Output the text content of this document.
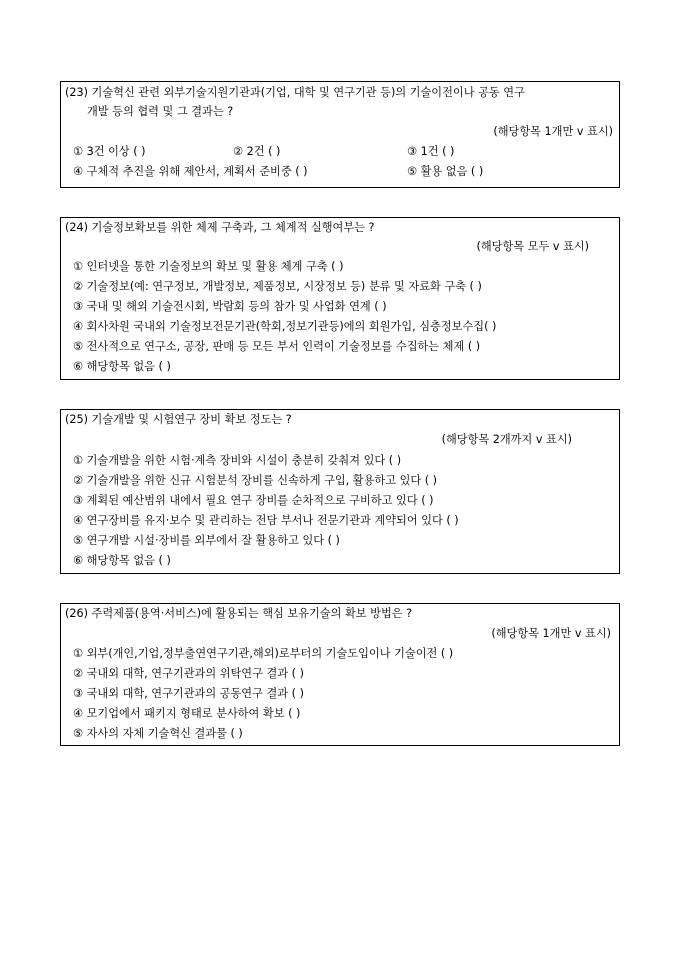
(23) 기술혁신 관련 외부기술지원기관과(기업, 대학 및 연구기관 등)의 기술이전이나 공동 연구
개발 등의 협력 및 그 결과는 ?
(해당항목 1개만 v 표시)
① 3건 이상 ( )	② 2건 ( )	③ 1건 ( )
④ 구체적 추진을 위해 제안서, 계획서 준비중 ( )	⑤ 활용 없음 ( )
(24) 기술정보확보를 위한 체제 구축과, 그 체계적 실행여부는 ?
(해당항목 모두 v 표시)
① 인터넷을 통한 기술정보의 확보 및 활용 체계 구축 ( )
② 기술정보(예: 연구정보, 개발정보, 제품정보, 시장정보 등) 분류 및 자료화 구축 ( )
③ 국내 및 해외 기술전시회, 박람회 등의 참가 및 사업화 연계 ( )
④ 회사차원 국내외 기술정보전문기관(학회,정보기관등)에의 회원가입, 심층정보수집( )
⑤ 전사적으로 연구소, 공장, 판매 등 모든 부서 인력이 기술정보를 수집하는 체제 ( )
⑥ 해당항목 없음 ( )
(25) 기술개발 및 시험연구 장비 확보 정도는 ?
(해당항목 2개까지 v 표시)
① 기술개발을 위한 시험·계측 장비와 시설이 충분히 갖춰져 있다 ( )
② 기술개발을 위한 신규 시험분석 장비를 신속하게 구입, 활용하고 있다 ( )
③ 계획된 예산범위 내에서 필요 연구 장비를 순차적으로 구비하고 있다 ( )
④ 연구장비를 유지·보수 및 관리하는 전담 부서나 전문기관과 계약되어 있다 ( )
⑤ 연구개발 시설·장비를 외부에서 잘 활용하고 있다 ( )
⑥ 해당항목 없음 ( )
(26) 주력제품(용역·서비스)에 활용되는 핵심 보유기술의 확보 방법은 ?
(해당항목 1개만 v 표시)
① 외부(개인,기업,정부출연연구기관,해외)로부터의 기술도입이나 기술이전 ( )
② 국내외 대학, 연구기관과의 위탁연구 결과 ( )
③ 국내외 대학, 연구기관과의 공동연구 결과 ( )
④ 모기업에서 패키지 형태로 분사하여 확보 ( )
⑤ 자사의 자체 기술혁신 결과물 ( )
